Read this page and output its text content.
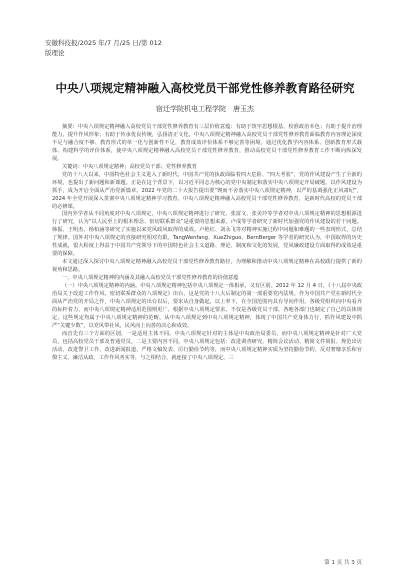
安徽科技报/2025 年/7 月/25 日/第 012
版理论
中央八项规定精神融入高校党员干部党性修养教育路径研究
宿迁学院机电工程学院　唐玉杰

摘要：中央八项规定精神融入高校党员干部党性修养教育有三层价值意蕴：有助于筑牢思想根基、校准政治本色；有助于提升治理能力，提升作风形象；有助于传承优良传统，弘扬清正文化。中央八项规定精神融入高校党员干部党性修养教育面临教育内容理论深度不足与融合度不够、教育形式的单一化与创新性不足，教育成效评价体系不够完善等困境。通过优化教学内容体系、创新教育形式载体、构建科学的评价体系，使中央八项规定精神融入高校党员干部党性修养教育，推动高校党员干部党性修养教育工作不断向纵深发展。

关键词：中央八项规定精神；高校党员干部；党性修养教育

党的十八大以来，中国特色社会主义进入了新时代，中国共产党的执政面临着四大危险、“四大考验”，党的作风建设产生了全新的环境，也提出了新问题和新课题。正是在这个背景下，以习近平同志为核心的党中央制定和落实中央八项规定开局破题，以作风建设为抓手，成为开启全面从严治党新篇章。2022 年党的二十大报告提出要“锲而不舍落实中央八项规定精神，以严的基调强化正风肃纪”，2024 年全党开展深入贯彻中央八项规定精神学习教育。中央八项规定精神融入高校党员干部党性修养教育，是新时代高校的党员干部的必修课。

国内外学者从不同角度对中央八项规定、中央八项规定精神进行了研究。张富文、张美玲等学者对中央八项规定精神的思想根源进行了研究，认为“以人民至上的根本理念、密切联系群众”是重要的思想来源。卢成等学者研究了新时代加强党的作风建设的若干问题。韩振、王明杰、杨柏涵等研究了实施以来党风政风取得的成效。卢艳红、刘永飞等对精神实施过程中问题和难题的一些表现形式、总结了规律。国外对中央八项规定的直接研究相对有限。TangWenfang、XueZhiguo、BernBerger 等学者的研究认为，中国取得的历史性成就，很大程度上得益于中国共产党领导下的中国特色社会主义道路、理论、制度和文化的发展，党风廉政建设方面取得的成效是重要的保障。

本文通过深入探讨中央八项规定精神融入高校党员干部党性修养教育路径，为理解和推动中央八项规定精神在高校践行提供了新的视角和思路。

一、中央八项规定精神的内涵及其融入高校党员干部党性修养教育的价值意蕴

（一）中央八项规定精神的内涵。中央八项规定精神包括中央八项规定一体相承，又有区别。2012 年 12 月 4 日，《十八届中央政治局关于改进工作作风、密切联系群众的八项规定》出台，这是党的十八大后制定的第一部重要党内法规。作为中国共产党在新时代全面从严治党的开局之作，中央八项规定的出台以后，要求从自身做起，以上率下，在全国范围内具有导向作用。各级党组织向中央看齐的标杆着力，而中央八项规定精神适用范围则更广，根据中央八项规定要求，不仅是各级党员干部，各地各部门也制定了自己的具体规定，这些规定均属于中央八项规定精神的范畴。从中央八项规定到中央八项规定精神，体现了中国共产党身体力行，抓作风建设中抓严“关键少数”，以党风带社风，民风向上向善的决心和成效。

而首先有三个方面的区别，一是适用主体不同。中央八项规定针对的主体是中央政治局委员，而中央八项规定精神是针对广大党员，包括高校党员干部及普通党员。二是主要内容不同。中央八项规定包括：改进调查研究、精简会议活动、精简文件简报、规范出访活动、改进警卫工作、改进新闻报道、严格文稿发表、厉行勤俭节约等，而中央八项规定精神实质为坚持勤俭节约、反对奢靡享乐和官僚主义、廉洁从政、工作作风务实等，与之相结合，就连接了中央八项规定。三

第 1 页 共 3 页
